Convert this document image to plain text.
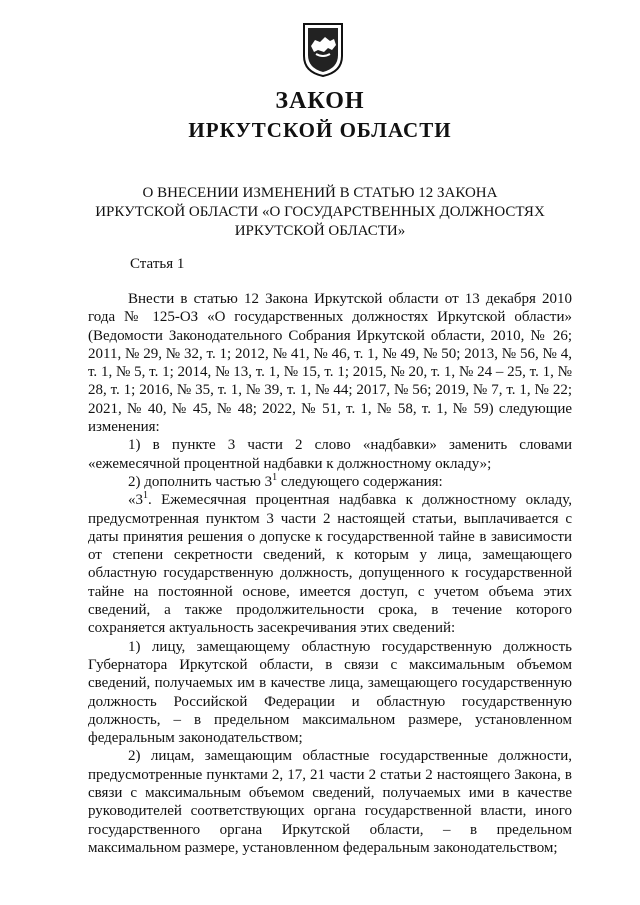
ЗАКОН
ИРКУТСКОЙ ОБЛАСТИ
О ВНЕСЕНИИ ИЗМЕНЕНИЙ В СТАТЬЮ 12 ЗАКОНА
ИРКУТСКОЙ ОБЛАСТИ «О ГОСУДАРСТВЕННЫХ ДОЛЖНОСТЯХ
ИРКУТСКОЙ ОБЛАСТИ»
Статья 1

Внести в статью 12 Закона Иркутской области от 13 декабря 2010 года № 125-ОЗ «О государственных должностях Иркутской области» (Ведомости Законодательного Собрания Иркутской области, 2010, № 26; 2011, № 29, № 32, т. 1; 2012, № 41, № 46, т. 1, № 49, № 50; 2013, № 56, № 4, т. 1, № 5, т. 1; 2014, № 13, т. 1, № 15, т. 1; 2015, № 20, т. 1, № 24 – 25, т. 1, № 28, т. 1; 2016, № 35, т. 1, № 39, т. 1, № 44; 2017, № 56; 2019, № 7, т. 1, № 22; 2021, № 40, № 45, № 48; 2022, № 51, т. 1, № 58, т. 1, № 59) следующие изменения:

1) в пункте 3 части 2 слово «надбавки» заменить словами «ежемесячной процентной надбавки к должностному окладу»;

2) дополнить частью $3^1$ следующего содержания:

«$3^1$. Ежемесячная процентная надбавка к должностному окладу, предусмотренная пунктом 3 части 2 настоящей статьи, выплачивается с даты принятия решения о допуске к государственной тайне в зависимости от степени секретности сведений, к которым у лица, замещающего областную государственную должность, допущенного к государственной тайне на постоянной основе, имеется доступ, с учетом объема этих сведений, а также продолжительности срока, в течение которого сохраняется актуальность засекречивания этих сведений:

1) лицу, замещающему областную государственную должность Губернатора Иркутской области, в связи с максимальным объемом сведений, получаемых им в качестве лица, замещающего государственную должность Российской Федерации и областную государственную должность, – в предельном максимальном размере, установленном федеральным законодательством;

2) лицам, замещающим областные государственные должности, предусмотренные пунктами 2, 17, 21 части 2 статьи 2 настоящего Закона, в связи с максимальным объемом сведений, получаемых ими в качестве руководителей соответствующих органа государственной власти, иного государственного органа Иркутской области, – в предельном максимальном размере, установленном федеральным законодательством;
